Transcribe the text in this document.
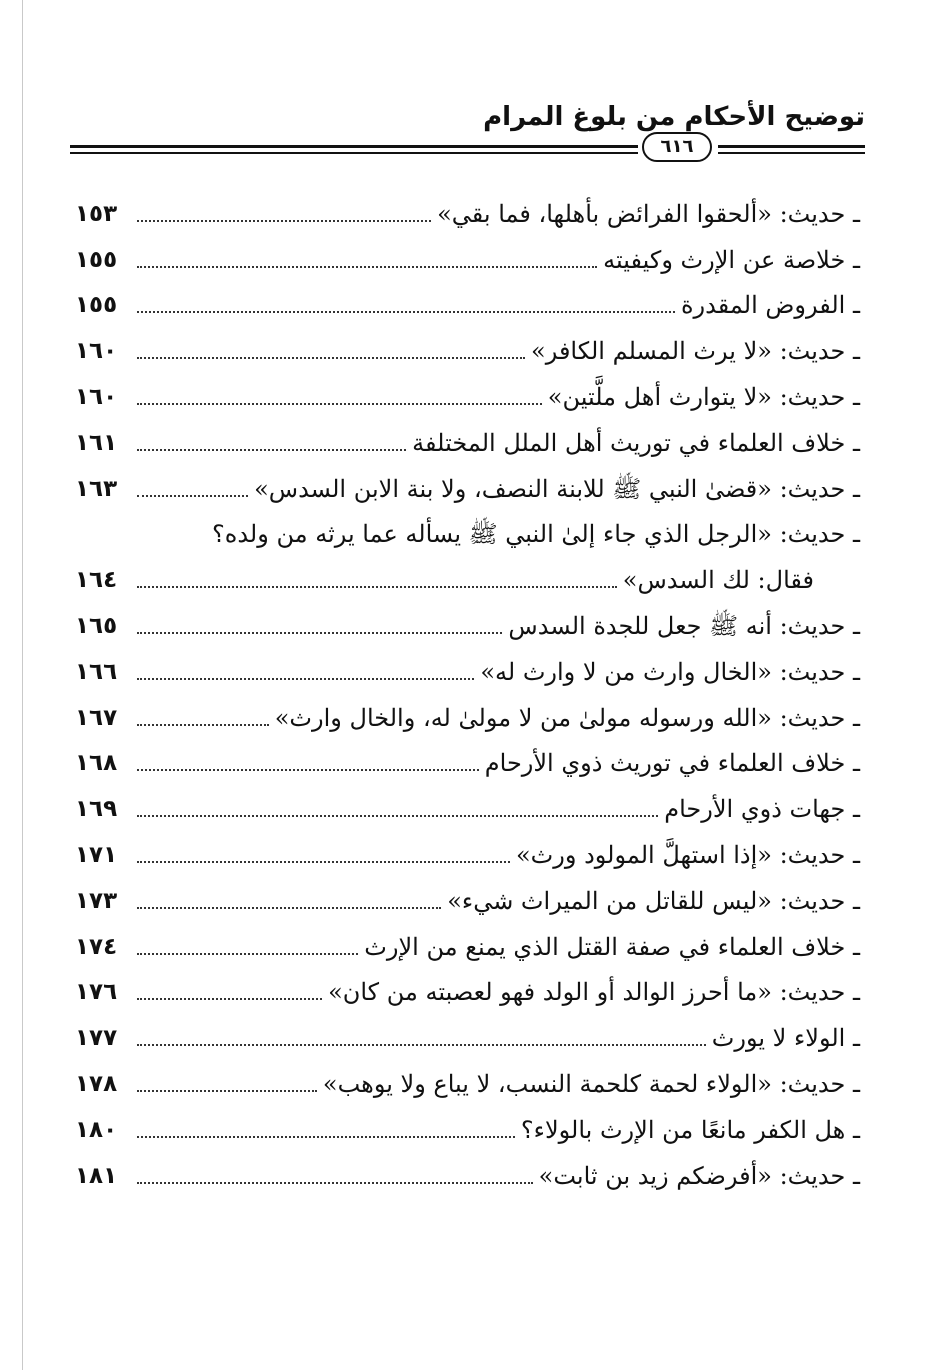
توضيح الأحكام من بلوغ المرام
٦١٦
ـ حديث: «ألحقوا الفرائض بأهلها، فما بقي»
١٥٣
ـ خلاصة عن الإرث وكيفيته
١٥٥
ـ الفروض المقدرة
١٥٥
ـ حديث: «لا يرث المسلم الكافر»
١٦٠
ـ حديث: «لا يتوارث أهل ملَّتين»
١٦٠
ـ خلاف العلماء في توريث أهل الملل المختلفة
١٦١
ـ حديث: «قضىٰ النبي ﷺ للابنة النصف، ولا بنة الابن السدس»
١٦٣
ـ حديث: «الرجل الذي جاء إلىٰ النبي ﷺ يسأله عما يرثه من ولده؟
فقال: لك السدس»
١٦٤
ـ حديث: أنه ﷺ جعل للجدة السدس
١٦٥
ـ حديث: «الخال وارث من لا وارث له»
١٦٦
ـ حديث: «الله ورسوله مولىٰ من لا مولىٰ له، والخال وارث»
١٦٧
ـ خلاف العلماء في توريث ذوي الأرحام
١٦٨
ـ جهات ذوي الأرحام
١٦٩
ـ حديث: «إذا استهلَّ المولود ورث»
١٧١
ـ حديث: «ليس للقاتل من الميراث شيء»
١٧٣
ـ خلاف العلماء في صفة القتل الذي يمنع من الإرث
١٧٤
ـ حديث: «ما أحرز الوالد أو الولد فهو لعصبته من كان»
١٧٦
ـ الولاء لا يورث
١٧٧
ـ حديث: «الولاء لحمة كلحمة النسب، لا يباع ولا يوهب»
١٧٨
ـ هل الكفر مانعًا من الإرث بالولاء؟
١٨٠
ـ حديث: «أفرضكم زيد بن ثابت»
١٨١
